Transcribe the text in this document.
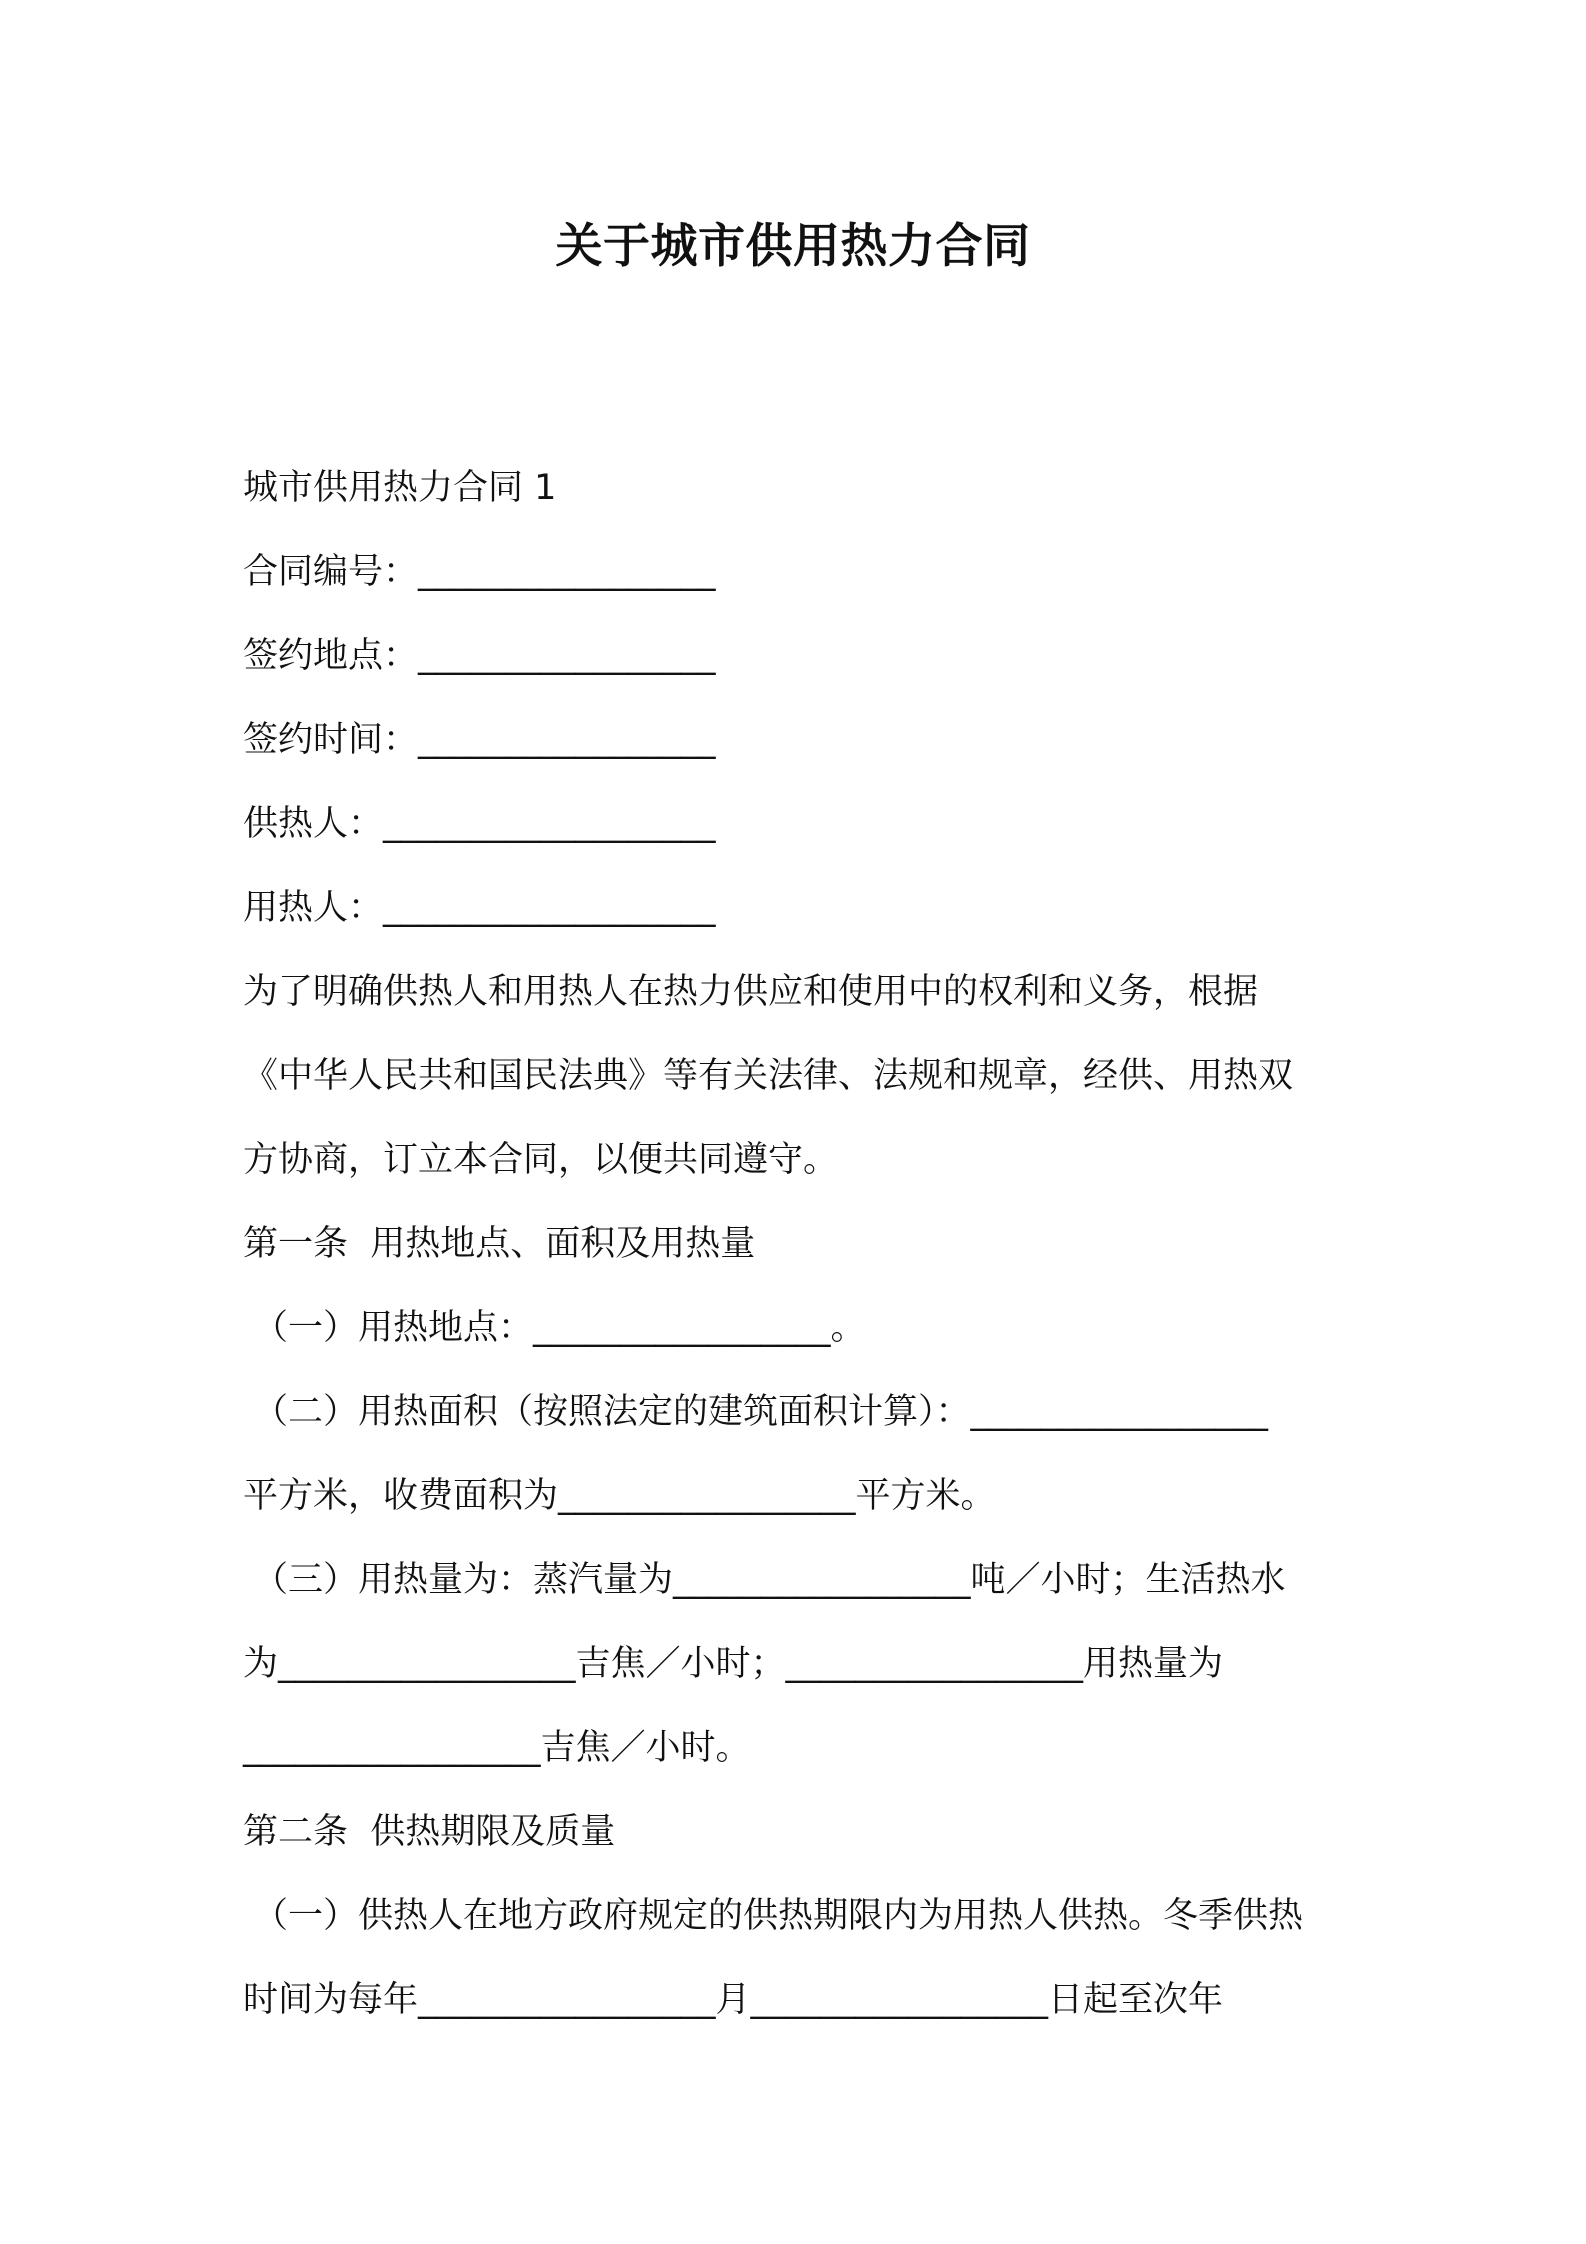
关于城市供用热力合同

城市供用热力合同 1

合同编号：_________________

签约地点：_________________

签约时间：_________________

供热人：___________________

用热人：___________________

为了明确供热人和用热人在热力供应和使用中的权利和义务，根据

《中华人民共和国民法典》等有关法律、法规和规章，经供、用热双

方协商，订立本合同，以便共同遵守。

第一条  用热地点、面积及用热量

（一）用热地点：_________________。

（二）用热面积（按照法定的建筑面积计算）：_________________

平方米，收费面积为_________________平方米。

（三）用热量为：蒸汽量为_________________吨／小时；生活热水

为_________________吉焦／小时；_________________用热量为

_________________吉焦／小时。

第二条  供热期限及质量

（一）供热人在地方政府规定的供热期限内为用热人供热。冬季供热

时间为每年_________________月_________________日起至次年
